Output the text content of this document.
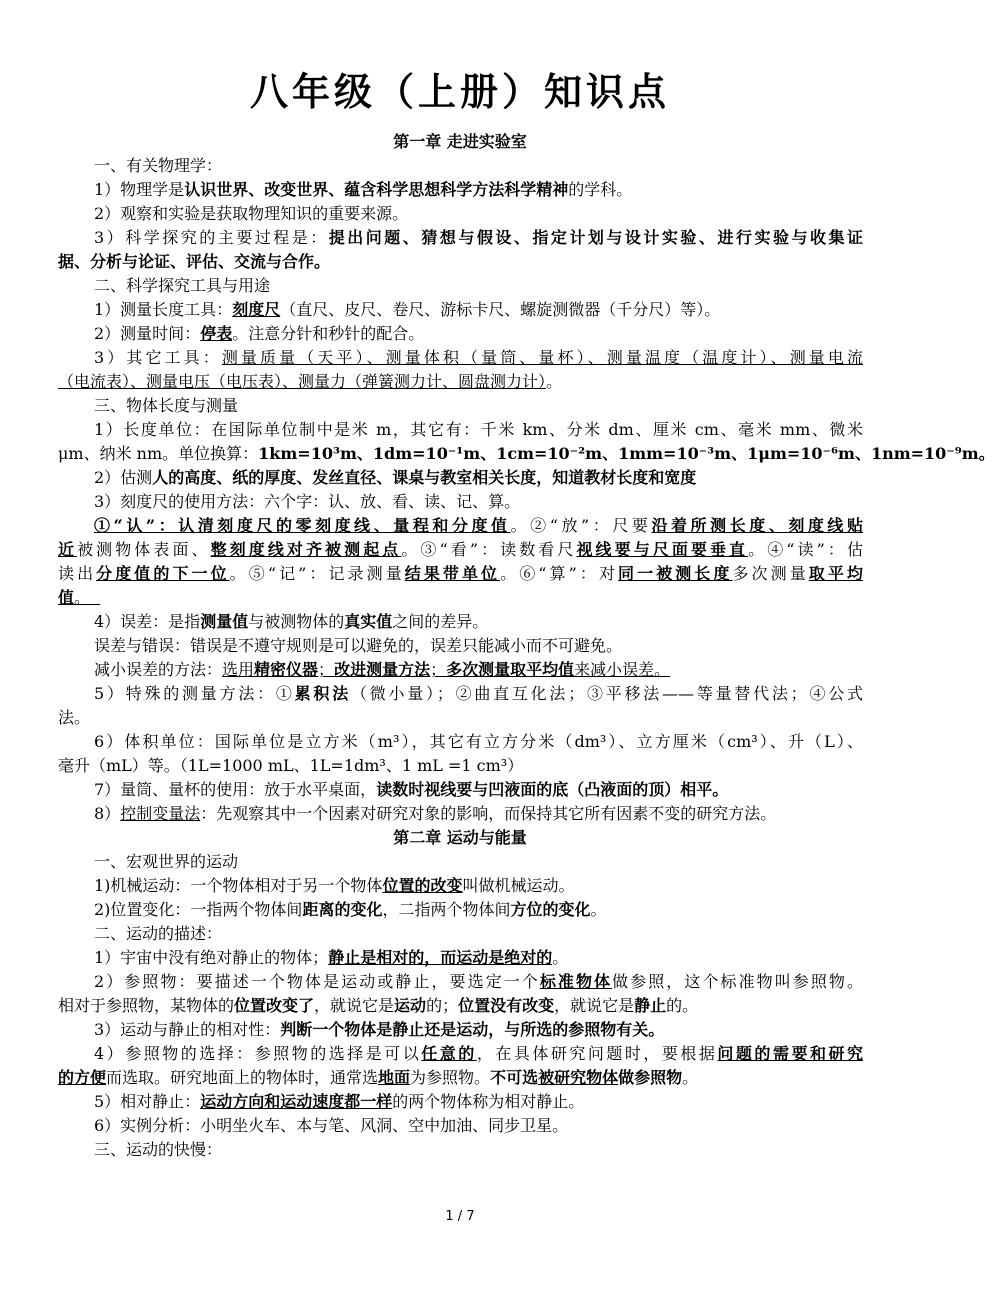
八年级（上册）知识点
第一章 走进实验室
一、有关物理学：
1）物理学是认识世界、改变世界、蕴含科学思想科学方法科学精神的学科。
2）观察和实验是获取物理知识的重要来源。
3）科学探究的主要过程是：提出问题、猜想与假设、指定计划与设计实验、进行实验与收集证
据、分析与论证、评估、交流与合作。
二、科学探究工具与用途
1）测量长度工具：刻度尺（直尺、皮尺、卷尺、游标卡尺、螺旋测微器（千分尺）等）。
2）测量时间：停表。注意分针和秒针的配合。
3）其它工具：测量质量（天平）、测量体积（量筒、量杯）、测量温度（温度计）、测量电流
（电流表）、测量电压（电压表）、测量力（弹簧测力计、圆盘测力计）。
三、物体长度与测量
1）长度单位：在国际单位制中是米 m，其它有：千米 km、分米 dm、厘米 cm、毫米 mm、微米
μm、纳米 nm。单位换算：1km=10³m、1dm=10⁻¹m、1cm=10⁻²m、1mm=10⁻³m、1μm=10⁻⁶m、1nm=10⁻⁹m。
2）估测人的高度、纸的厚度、发丝直径、课桌与教室相关长度，知道教材长度和宽度
3）刻度尺的使用方法：六个字：认、放、看、读、记、算。
①“认”：认清刻度尺的零刻度线、量程和分度值。②“放”：尺要沿着所测长度、刻度线贴
近被测物体表面、整刻度线对齐被测起点。③“看”：读数看尺视线要与尺面要垂直。④“读”：估
读出分度值的下一位。⑤“记”：记录测量结果带单位。⑥“算”：对同一被测长度多次测量取平均
值。
4）误差：是指测量值与被测物体的真实值之间的差异。
误差与错误：错误是不遵守规则是可以避免的，误差只能减小而不可避免。
减小误差的方法：选用精密仪器；改进测量方法；多次测量取平均值来减小误差。
5）特殊的测量方法：①累积法（微小量）；②曲直互化法；③平移法——等量替代法；④公式
法。
6）体积单位：国际单位是立方米（m³），其它有立方分米（dm³）、立方厘米（cm³）、升（L）、
毫升（mL）等。（1L=1000 mL、1L=1dm³、1 mL =1 cm³）
7）量筒、量杯的使用：放于水平桌面，读数时视线要与凹液面的底（凸液面的顶）相平。
8）控制变量法：先观察其中一个因素对研究对象的影响，而保持其它所有因素不变的研究方法。
第二章 运动与能量
一、宏观世界的运动
1)机械运动：一个物体相对于另一个物体位置的改变叫做机械运动。
2)位置变化：一指两个物体间距离的变化，二指两个物体间方位的变化。
二、运动的描述：
1）宇宙中没有绝对静止的物体；静止是相对的，而运动是绝对的。
2）参照物：要描述一个物体是运动或静止，要选定一个标准物体做参照，这个标准物叫参照物。
相对于参照物，某物体的位置改变了，就说它是运动的；位置没有改变，就说它是静止的。
3）运动与静止的相对性：判断一个物体是静止还是运动，与所选的参照物有关。
4）参照物的选择：参照物的选择是可以任意的，在具体研究问题时，要根据问题的需要和研究
的方便而选取。研究地面上的物体时，通常选地面为参照物。不可选被研究物体做参照物。
5）相对静止：运动方向和运动速度都一样的两个物体称为相对静止。
6）实例分析：小明坐火车、本与笔、风洞、空中加油、同步卫星。
三、运动的快慢：
1 / 7
